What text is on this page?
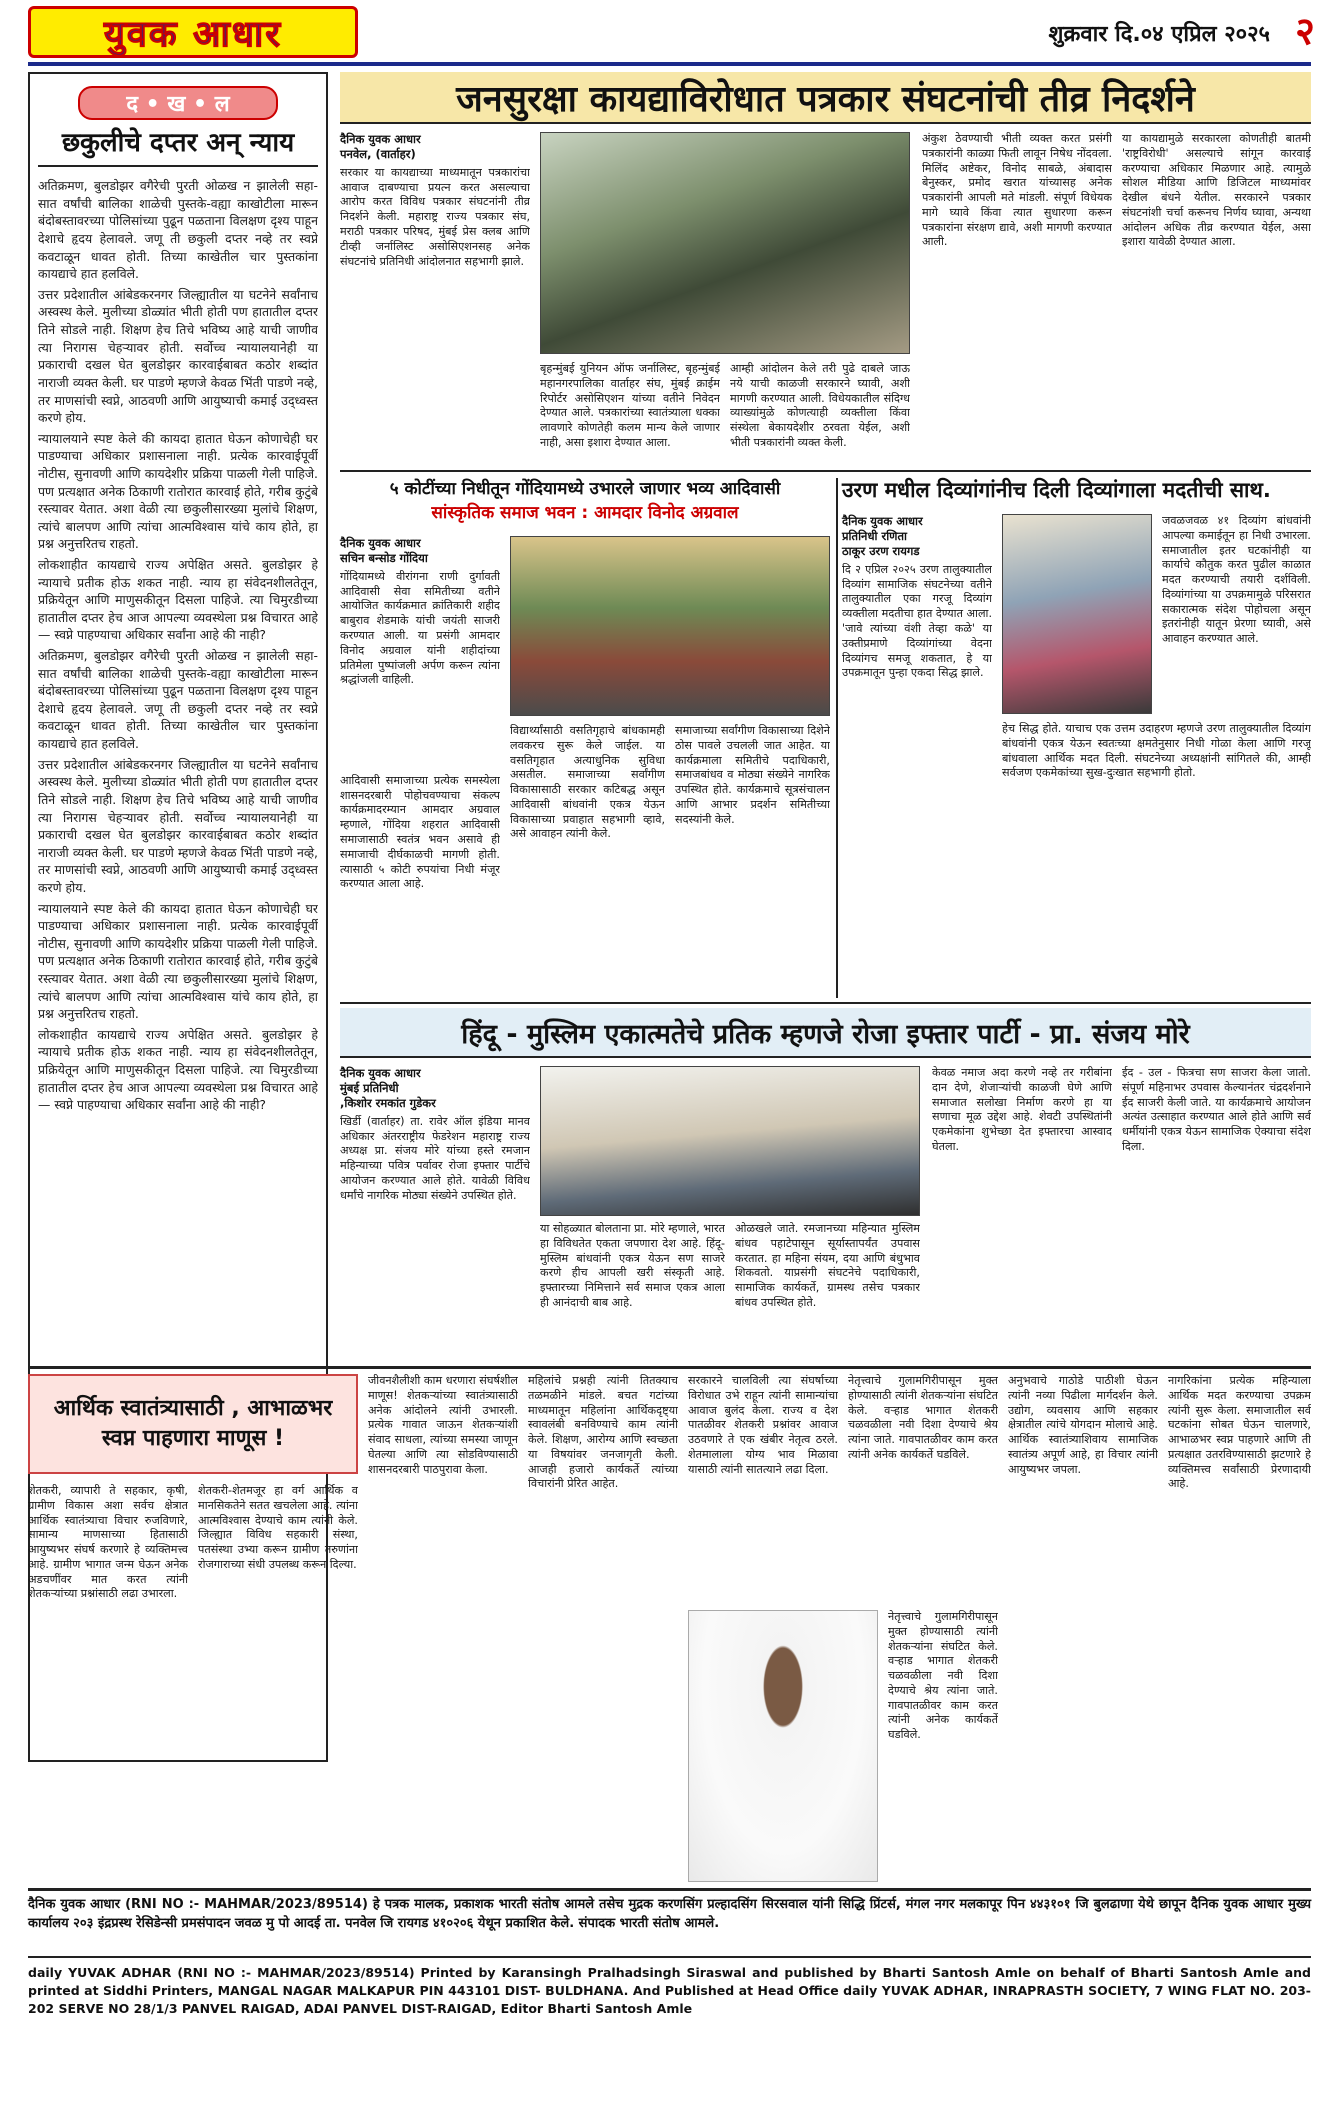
युवक आधार	शुक्रवार दि.०४ एप्रिल २०२५ २
द • ख • ल
छकुलीचे दप्तर अन् न्याय

अतिक्रमण, बुलडोझर वगैरेची पुरती ओळख न झालेली सहा-सात वर्षांची बालिका शाळेची पुस्तके-वह्या काखोटीला मारून बंदोबस्तावरच्या पोलिसांच्या पुढून पळताना विलक्षण दृश्य पाहून देशाचे हृदय हेलावले. जणू ती छकुली दप्तर नव्हे तर स्वप्ने कवटाळून धावत होती. तिच्या काखेतील चार पुस्तकांना कायद्याचे हात हलविले.

उत्तर प्रदेशातील आंबेडकरनगर जिल्ह्यातील या घटनेने सर्वांनाच अस्वस्थ केले. मुलीच्या डोळ्यांत भीती होती पण हातातील दप्तर तिने सोडले नाही. शिक्षण हेच तिचे भविष्य आहे याची जाणीव त्या निरागस चेहऱ्यावर होती. सर्वोच्च न्यायालयानेही या प्रकाराची दखल घेत बुलडोझर कारवाईबाबत कठोर शब्दांत नाराजी व्यक्त केली. घर पाडणे म्हणजे केवळ भिंती पाडणे नव्हे, तर माणसांची स्वप्ने, आठवणी आणि आयुष्याची कमाई उद्ध्वस्त करणे होय.

न्यायालयाने स्पष्ट केले की कायदा हातात घेऊन कोणाचेही घर पाडण्याचा अधिकार प्रशासनाला नाही. प्रत्येक कारवाईपूर्वी नोटीस, सुनावणी आणि कायदेशीर प्रक्रिया पाळली गेली पाहिजे. पण प्रत्यक्षात अनेक ठिकाणी रातोरात कारवाई होते, गरीब कुटुंबे रस्त्यावर येतात. अशा वेळी त्या छकुलीसारख्या मुलांचे शिक्षण, त्यांचे बालपण आणि त्यांचा आत्मविश्वास यांचे काय होते, हा प्रश्न अनुत्तरितच राहतो.

लोकशाहीत कायद्याचे राज्य अपेक्षित असते. बुलडोझर हे न्यायाचे प्रतीक होऊ शकत नाही. न्याय हा संवेदनशीलतेतून, प्रक्रियेतून आणि माणुसकीतून दिसला पाहिजे. त्या चिमुरडीच्या हातातील दप्तर हेच आज आपल्या व्यवस्थेला प्रश्न विचारत आहे — स्वप्ने पाहण्याचा अधिकार सर्वांना आहे की नाही?

अतिक्रमण, बुलडोझर वगैरेची पुरती ओळख न झालेली सहा-सात वर्षांची बालिका शाळेची पुस्तके-वह्या काखोटीला मारून बंदोबस्तावरच्या पोलिसांच्या पुढून पळताना विलक्षण दृश्य पाहून देशाचे हृदय हेलावले. जणू ती छकुली दप्तर नव्हे तर स्वप्ने कवटाळून धावत होती. तिच्या काखेतील चार पुस्तकांना कायद्याचे हात हलविले.

उत्तर प्रदेशातील आंबेडकरनगर जिल्ह्यातील या घटनेने सर्वांनाच अस्वस्थ केले. मुलीच्या डोळ्यांत भीती होती पण हातातील दप्तर तिने सोडले नाही. शिक्षण हेच तिचे भविष्य आहे याची जाणीव त्या निरागस चेहऱ्यावर होती. सर्वोच्च न्यायालयानेही या प्रकाराची दखल घेत बुलडोझर कारवाईबाबत कठोर शब्दांत नाराजी व्यक्त केली. घर पाडणे म्हणजे केवळ भिंती पाडणे नव्हे, तर माणसांची स्वप्ने, आठवणी आणि आयुष्याची कमाई उद्ध्वस्त करणे होय.

न्यायालयाने स्पष्ट केले की कायदा हातात घेऊन कोणाचेही घर पाडण्याचा अधिकार प्रशासनाला नाही. प्रत्येक कारवाईपूर्वी नोटीस, सुनावणी आणि कायदेशीर प्रक्रिया पाळली गेली पाहिजे. पण प्रत्यक्षात अनेक ठिकाणी रातोरात कारवाई होते, गरीब कुटुंबे रस्त्यावर येतात. अशा वेळी त्या छकुलीसारख्या मुलांचे शिक्षण, त्यांचे बालपण आणि त्यांचा आत्मविश्वास यांचे काय होते, हा प्रश्न अनुत्तरितच राहतो.

लोकशाहीत कायद्याचे राज्य अपेक्षित असते. बुलडोझर हे न्यायाचे प्रतीक होऊ शकत नाही. न्याय हा संवेदनशीलतेतून, प्रक्रियेतून आणि माणुसकीतून दिसला पाहिजे. त्या चिमुरडीच्या हातातील दप्तर हेच आज आपल्या व्यवस्थेला प्रश्न विचारत आहे — स्वप्ने पाहण्याचा अधिकार सर्वांना आहे की नाही?

जनसुरक्षा कायद्याविरोधात पत्रकार संघटनांची तीव्र निदर्शने
दैनिक युवक आधार
पनवेल, (वार्ताहर)
सरकार या कायद्याच्या माध्यमातून पत्रकारांचा आवाज दाबण्याचा प्रयत्न करत असल्याचा आरोप करत विविध पत्रकार संघटनांनी तीव्र निदर्शने केली. महाराष्ट्र राज्य पत्रकार संघ, मराठी पत्रकार परिषद, मुंबई प्रेस क्लब आणि टीव्ही जर्नालिस्ट असोसिएशनसह अनेक संघटनांचे प्रतिनिधी आंदोलनात सहभागी झाले.
बृहन्मुंबई युनियन ऑफ जर्नालिस्ट, बृहन्मुंबई महानगरपालिका वार्ताहर संघ, मुंबई क्राईम रिपोर्टर असोसिएशन यांच्या वतीने निवेदन देण्यात आले. पत्रकारांच्या स्वातंत्र्याला धक्का लावणारे कोणतेही कलम मान्य केले जाणार नाही, असा इशारा देण्यात आला.
आम्ही आंदोलन केले तरी पुढे दाबले जाऊ नये याची काळजी सरकारने घ्यावी, अशी मागणी करण्यात आली. विधेयकातील संदिग्ध व्याख्यांमुळे कोणत्याही व्यक्तीला किंवा संस्थेला बेकायदेशीर ठरवता येईल, अशी भीती पत्रकारांनी व्यक्त केली.
अंकुश ठेवण्याची भीती व्यक्त करत प्रसंगी पत्रकारांनी काळ्या फिती लावून निषेध नोंदवला. मिलिंद अष्टेकर, विनोद साबळे, अंबादास बेनुस्कर, प्रमोद खरात यांच्यासह अनेक पत्रकारांनी आपली मते मांडली. संपूर्ण विधेयक मागे घ्यावे किंवा त्यात सुधारणा करून पत्रकारांना संरक्षण द्यावे, अशी मागणी करण्यात आली.
या कायद्यामुळे सरकारला कोणतीही बातमी 'राष्ट्रविरोधी' असल्याचे सांगून कारवाई करण्याचा अधिकार मिळणार आहे. त्यामुळे सोशल मीडिया आणि डिजिटल माध्यमांवर देखील बंधने येतील. सरकारने पत्रकार संघटनांशी चर्चा करूनच निर्णय घ्यावा, अन्यथा आंदोलन अधिक तीव्र करण्यात येईल, असा इशारा यावेळी देण्यात आला.
५ कोटींच्या निधीतून गोंदियामध्ये उभारले जाणार भव्य आदिवासी
सांस्कृतिक समाज भवन : आमदार विनोद अग्रवाल
दैनिक युवक आधार
सचिन बन्सोड गोंदिया
गोंदियामध्ये वीरांगना राणी दुर्गावती आदिवासी सेवा समितीच्या वतीने आयोजित कार्यक्रमात क्रांतिकारी शहीद बाबुराव शेडमाके यांची जयंती साजरी करण्यात आली. या प्रसंगी आमदार विनोद अग्रवाल यांनी शहीदांच्या प्रतिमेला पुष्पांजली अर्पण करून त्यांना श्रद्धांजली वाहिली.
आदिवासी समाजाच्या प्रत्येक समस्येला शासनदरबारी पोहोचवण्याचा संकल्प कार्यक्रमादरम्यान आमदार अग्रवाल म्हणाले, गोंदिया शहरात आदिवासी समाजासाठी स्वतंत्र भवन असावे ही समाजाची दीर्घकाळची मागणी होती. त्यासाठी ५ कोटी रुपयांचा निधी मंजूर करण्यात आला आहे.
विद्यार्थ्यांसाठी वसतिगृहाचे बांधकामही लवकरच सुरू केले जाईल. या वसतिगृहात अत्याधुनिक सुविधा असतील. समाजाच्या सर्वांगीण विकासासाठी सरकार कटिबद्ध असून आदिवासी बांधवांनी एकत्र येऊन विकासाच्या प्रवाहात सहभागी व्हावे, असे आवाहन त्यांनी केले.
समाजाच्या सर्वांगीण विकासाच्या दिशेने ठोस पावले उचलली जात आहेत. या कार्यक्रमाला समितीचे पदाधिकारी, समाजबांधव व मोठ्या संख्येने नागरिक उपस्थित होते. कार्यक्रमाचे सूत्रसंचालन आणि आभार प्रदर्शन समितीच्या सदस्यांनी केले.
उरण मधील दिव्यांगांनीच दिली दिव्यांगाला मदतीची साथ.
दैनिक युवक आधार
प्रतिनिधी रणिता
ठाकूर उरण रायगड
दि २ एप्रिल २०२५ उरण तालुक्यातील दिव्यांग सामाजिक संघटनेच्या वतीने तालुक्यातील एका गरजू दिव्यांग व्यक्तीला मदतीचा हात देण्यात आला. 'जावे त्यांच्या वंशी तेव्हा कळे' या उक्तीप्रमाणे दिव्यांगांच्या वेदना दिव्यांगच समजू शकतात, हे या उपक्रमातून पुन्हा एकदा सिद्ध झाले.
जवळजवळ ४१ दिव्यांग बांधवांनी आपल्या कमाईतून हा निधी उभारला. समाजातील इतर घटकांनीही या कार्याचे कौतुक करत पुढील काळात मदत करण्याची तयारी दर्शविली. दिव्यांगांच्या या उपक्रमामुळे परिसरात सकारात्मक संदेश पोहोचला असून इतरांनीही यातून प्रेरणा घ्यावी, असे आवाहन करण्यात आले.
हेच सिद्ध होते. याचाच एक उत्तम उदाहरण म्हणजे उरण तालुक्यातील दिव्यांग बांधवांनी एकत्र येऊन स्वतःच्या क्षमतेनुसार निधी गोळा केला आणि गरजू बांधवाला आर्थिक मदत दिली. संघटनेच्या अध्यक्षांनी सांगितले की, आम्ही सर्वजण एकमेकांच्या सुख-दुःखात सहभागी होतो.
हिंदू - मुस्लिम एकात्मतेचे प्रतिक म्हणजे रोजा इफ्तार पार्टी - प्रा. संजय मोरे
दैनिक युवक आधार
मुंबई प्रतिनिधी
,किशोर रमकांत गुडेकर
खिर्डी (वार्ताहर) ता. रावेर ऑल इंडिया मानव अधिकार अंतरराष्ट्रीय फेडरेशन महाराष्ट्र राज्य अध्यक्ष प्रा. संजय मोरे यांच्या हस्ते रमजान महिन्याच्या पवित्र पर्वावर रोजा इफ्तार पार्टीचे आयोजन करण्यात आले होते. यावेळी विविध धर्मांचे नागरिक मोठ्या संख्येने उपस्थित होते.
या सोहळ्यात बोलताना प्रा. मोरे म्हणाले, भारत हा विविधतेत एकता जपणारा देश आहे. हिंदू-मुस्लिम बांधवांनी एकत्र येऊन सण साजरे करणे हीच आपली खरी संस्कृती आहे. इफ्तारच्या निमित्ताने सर्व समाज एकत्र आला ही आनंदाची बाब आहे.
ओळखले जाते. रमजानच्या महिन्यात मुस्लिम बांधव पहाटेपासून सूर्यास्तापर्यंत उपवास करतात. हा महिना संयम, दया आणि बंधुभाव शिकवतो. याप्रसंगी संघटनेचे पदाधिकारी, सामाजिक कार्यकर्ते, ग्रामस्थ तसेच पत्रकार बांधव उपस्थित होते.
केवळ नमाज अदा करणे नव्हे तर गरीबांना दान देणे, शेजाऱ्यांची काळजी घेणे आणि समाजात सलोखा निर्माण करणे हा या सणाचा मूळ उद्देश आहे. शेवटी उपस्थितांनी एकमेकांना शुभेच्छा देत इफ्तारचा आस्वाद घेतला.
ईद - उल - फित्रचा सण साजरा केला जातो. संपूर्ण महिनाभर उपवास केल्यानंतर चंद्रदर्शनाने ईद साजरी केली जाते. या कार्यक्रमाचे आयोजन अत्यंत उत्साहात करण्यात आले होते आणि सर्व धर्मीयांनी एकत्र येऊन सामाजिक ऐक्याचा संदेश दिला.
आर्थिक स्वातंत्र्यासाठी , आभाळभर स्वप्न पाहणारा माणूस !
शेतकरी, व्यापारी ते सहकार, कृषी, ग्रामीण विकास अशा सर्वच क्षेत्रात आर्थिक स्वातंत्र्याचा विचार रुजविणारे, सामान्य माणसाच्या हितासाठी आयुष्यभर संघर्ष करणारे हे व्यक्तिमत्त्व आहे. ग्रामीण भागात जन्म घेऊन अनेक अडचणींवर मात करत त्यांनी शेतकऱ्यांच्या प्रश्नांसाठी लढा उभारला.
शेतकरी-शेतमजूर हा वर्ग आर्थिक व मानसिकतेने सतत खचलेला आहे. त्यांना आत्मविश्वास देण्याचे काम त्यांनी केले. जिल्ह्यात विविध सहकारी संस्था, पतसंस्था उभ्या करून ग्रामीण तरुणांना रोजगाराच्या संधी उपलब्ध करून दिल्या.
जीवनशैलीशी काम धरणारा संघर्षशील माणूस! शेतकऱ्यांच्या स्वातंत्र्यासाठी अनेक आंदोलने त्यांनी उभारली. प्रत्येक गावात जाऊन शेतकऱ्यांशी संवाद साधला, त्यांच्या समस्या जाणून घेतल्या आणि त्या सोडविण्यासाठी शासनदरबारी पाठपुरावा केला.
महिलांचे प्रश्नही त्यांनी तितक्याच तळमळीने मांडले. बचत गटांच्या माध्यमातून महिलांना आर्थिकदृष्ट्या स्वावलंबी बनविण्याचे काम त्यांनी केले. शिक्षण, आरोग्य आणि स्वच्छता या विषयांवर जनजागृती केली. आजही हजारो कार्यकर्ते त्यांच्या विचारांनी प्रेरित आहेत.
सरकारने चालविली त्या संघर्षाच्या विरोधात उभे राहून त्यांनी सामान्यांचा आवाज बुलंद केला. राज्य व देश पातळीवर शेतकरी प्रश्नांवर आवाज उठवणारे ते एक खंबीर नेतृत्व ठरले. शेतमालाला योग्य भाव मिळावा यासाठी त्यांनी सातत्याने लढा दिला.
नेतृत्त्वाचे गुलामगिरीपासून मुक्त होण्यासाठी त्यांनी शेतकऱ्यांना संघटित केले. वऱ्हाड भागात शेतकरी चळवळीला नवी दिशा देण्याचे श्रेय त्यांना जाते. गावपातळीवर काम करत त्यांनी अनेक कार्यकर्ते घडविले.
नेतृत्त्वाचे गुलामगिरीपासून मुक्त होण्यासाठी त्यांनी शेतकऱ्यांना संघटित केले. वऱ्हाड भागात शेतकरी चळवळीला नवी दिशा देण्याचे श्रेय त्यांना जाते. गावपातळीवर काम करत त्यांनी अनेक कार्यकर्ते घडविले.
अनुभवाचे गाठोडे पाठीशी घेऊन त्यांनी नव्या पिढीला मार्गदर्शन केले. उद्योग, व्यवसाय आणि सहकार क्षेत्रातील त्यांचे योगदान मोलाचे आहे. आर्थिक स्वातंत्र्याशिवाय सामाजिक स्वातंत्र्य अपूर्ण आहे, हा विचार त्यांनी आयुष्यभर जपला.
नागरिकांना प्रत्येक महिन्याला आर्थिक मदत करण्याचा उपक्रम त्यांनी सुरू केला. समाजातील सर्व घटकांना सोबत घेऊन चालणारे, आभाळभर स्वप्न पाहणारे आणि ती प्रत्यक्षात उतरविण्यासाठी झटणारे हे व्यक्तिमत्त्व सर्वांसाठी प्रेरणादायी आहे.
दैनिक युवक आधार (RNI NO :- MAHMAR/2023/89514) हे पत्रक मालक, प्रकाशक भारती संतोष आमले तसेच मुद्रक करणसिंग प्रल्हादसिंग सिरसवाल यांनी सिद्धि प्रिंटर्स, मंगल नगर मलकापूर पिन ४४३१०१ जि बुलढाणा येथे छापून दैनिक युवक आधार मुख्य कार्यालय २०३ इंद्रप्रस्थ रेसिडेन्सी प्रमसंपादन जवळ मु पो आदई ता. पनवेल जि रायगड ४१०२०६ येथून प्रकाशित केले. संपादक भारती संतोष आमले.
daily YUVAK ADHAR (RNI NO :- MAHMAR/2023/89514) Printed by Karansingh Pralhadsingh Siraswal and published by Bharti Santosh Amle on behalf of Bharti Santosh Amle and printed at Siddhi Printers, MANGAL NAGAR MALKAPUR PIN 443101 DIST- BULDHANA. And Published at Head Office daily YUVAK ADHAR, INRAPRASTH SOCIETY, 7 WING FLAT NO. 203-202 SERVE NO 28/1/3 PANVEL RAIGAD, ADAI PANVEL DIST-RAIGAD, Editor Bharti Santosh Amle
